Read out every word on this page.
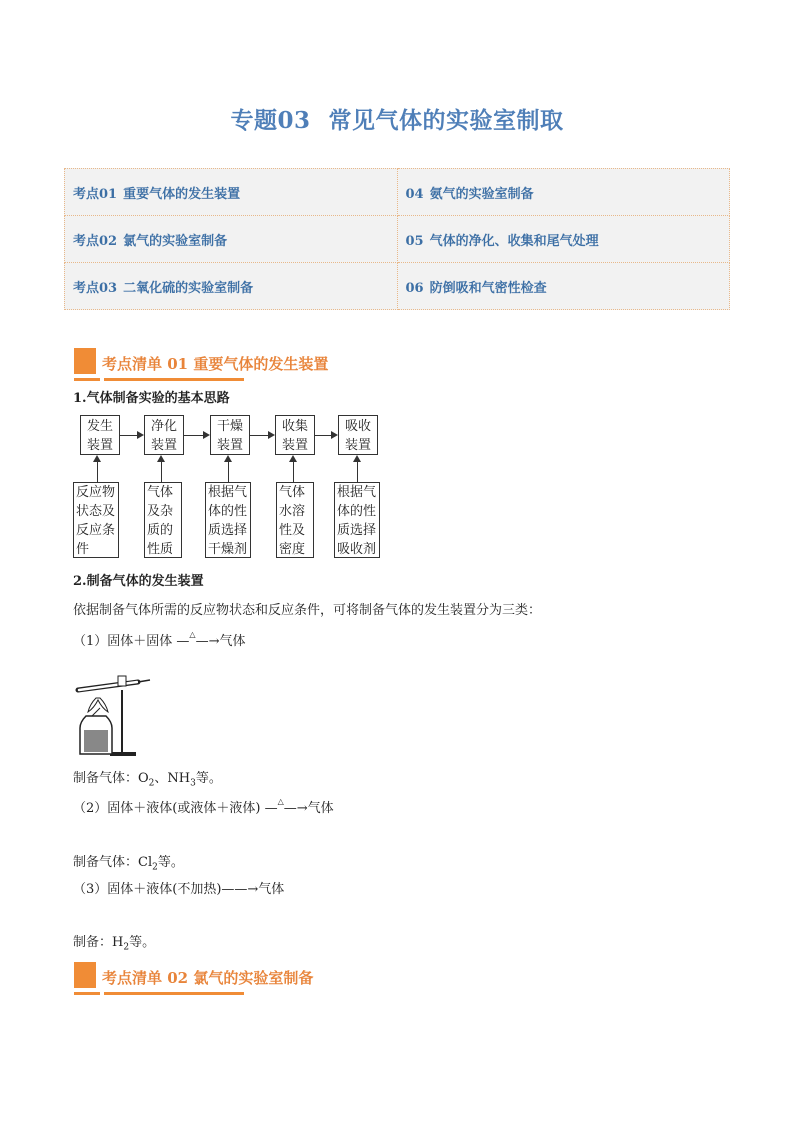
专题03 常见气体的实验室制取
考点01 重要气体的发生装置	04 氨气的实验室制备
考点02 氯气的实验室制备	05 气体的净化、收集和尾气处理
考点03 二氧化硫的实验室制备	06 防倒吸和气密性检查
考点清单 01 重要气体的发生装置
1.气体制备实验的基本思路
发生
装置
净化
装置
干燥
装置
收集
装置
吸收
装置
反应物
状态及
反应条
件
气体
及杂
质的
性质
根据气
体的性
质选择
干燥剂
气体
水溶
性及
密度
根据气
体的性
质选择
吸收剂
2.制备气体的发生装置
依据制备气体所需的反应物状态和反应条件，可将制备气体的发生装置分为三类：
（1）固体＋固体 —△—→气体
制备气体：$O_2$、$NH_3$等。
（2）固体＋液体(或液体＋液体) —△—→气体
制备气体：$Cl_2$等。
（3）固体＋液体(不加热)——→气体
制备：$H_2$等。
考点清单 02 氯气的实验室制备
